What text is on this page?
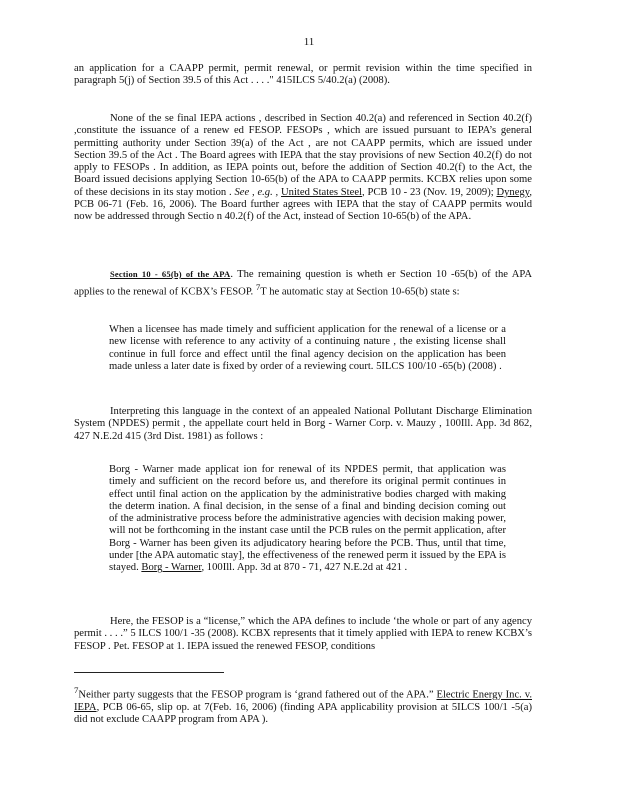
11

an application for a CAAPP permit, permit renewal, or permit revision within the time specified in paragraph 5(j) of Section 39.5 of this Act . . . ." 415ILCS 5/40.2(a) (2008).

None of the se final IEPA actions , described in Section 40.2(a) and referenced in Section 40.2(f) ,constitute the issuance of a renew ed FESOP. FESOPs , which are issued pursuant to IEPA’s general permitting authority under Section 39(a) of the Act , are not CAAPP permits, which are issued under Section 39.5 of the Act . The Board agrees with IEPA that the stay provisions of new Section 40.2(f) do not apply to FESOPs . In addition, as IEPA points out, before the addition of Section 40.2(f) to the Act, the Board issued decisions applying Section 10-65(b) of the APA to CAAPP permits. KCBX relies upon some of these decisions in its stay motion . See , e.g. , United States Steel, PCB 10 - 23 (Nov. 19, 2009); Dynegy, PCB 06-71 (Feb. 16, 2006). The Board further agrees with IEPA that the stay of CAAPP permits would now be addressed through Sectio n 40.2(f) of the Act, instead of Section 10-65(b) of the APA.

Section 10 - 65(b) of the APA. The remaining question is wheth er Section 10 -65(b) of the APA applies to the renewal of KCBX’s FESOP. $^7$T he automatic stay at Section 10-65(b) state s:

When a licensee has made timely and sufficient application for the renewal of a license or a new license with reference to any activity of a continuing nature , the existing license shall continue in full force and effect until the final agency decision on the application has been made unless a later date is fixed by order of a reviewing court. 5ILCS 100/10 -65(b) (2008) .

Interpreting this language in the context of an appealed National Pollutant Discharge Elimination System (NPDES) permit , the appellate court held in Borg - Warner Corp. v. Mauzy , 100Ill. App. 3d 862, 427 N.E.2d 415 (3rd Dist. 1981) as follows :

Borg - Warner made applicat ion for renewal of its NPDES permit, that application was timely and sufficient on the record before us, and therefore its original permit continues in effect until final action on the application by the administrative bodies charged with making the determ ination. A final decision, in the sense of a final and binding decision coming out of the administrative process before the administrative agencies with decision making power, will not be forthcoming in the instant case until the PCB rules on the permit application, after Borg - Warner has been given its adjudicatory hearing before the PCB. Thus, until that time, under [the APA automatic stay], the effectiveness of the renewed perm it issued by the EPA is stayed. Borg - Warner, 100Ill. App. 3d at 870 - 71, 427 N.E.2d at 421 .

Here, the FESOP is a “license,” which the APA defines to include ‘the whole or part of any agency permit . . . .” 5 ILCS 100/1 -35 (2008). KCBX represents that it timely applied with IEPA to renew KCBX’s FESOP . Pet. FESOP at 1. IEPA issued the renewed FESOP, conditions

$^7$Neither party suggests that the FESOP program is ‘grand fathered out of the APA.” Electric Energy Inc. v. IEPA, PCB 06-65, slip op. at 7(Feb. 16, 2006) (finding APA applicability provision at 5ILCS 100/1 -5(a) did not exclude CAAPP program from APA ).
